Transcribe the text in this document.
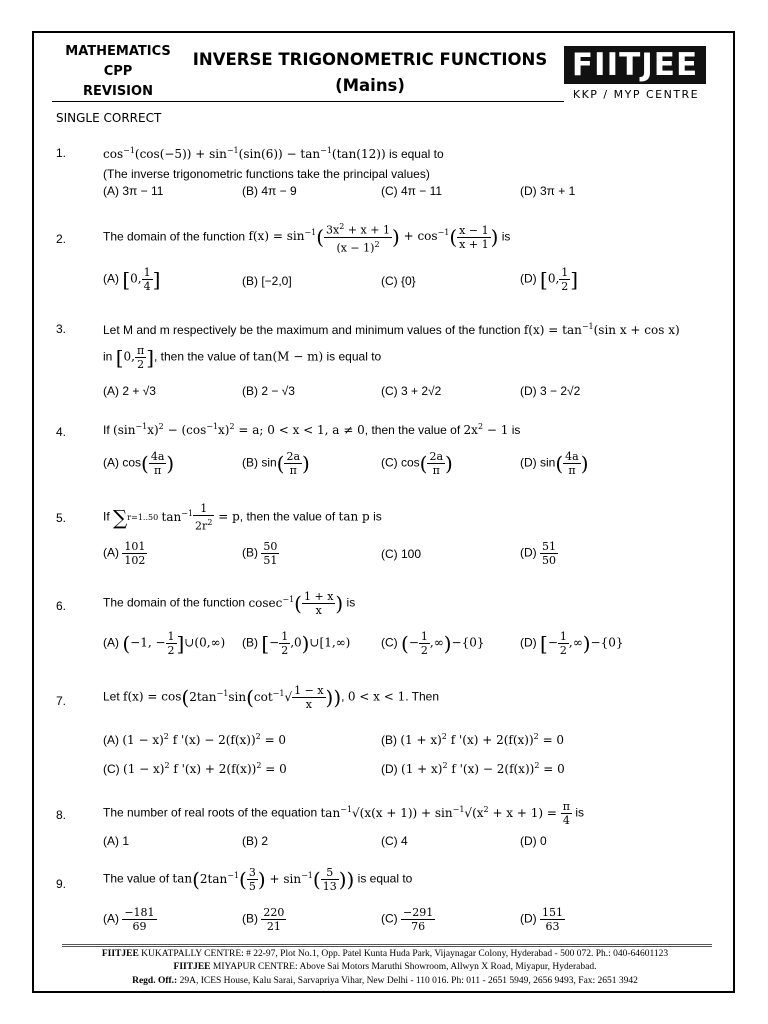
MATHEMATICS
CPP
REVISION
INVERSE TRIGONOMETRIC FUNCTIONS
(Mains)
FIITJEE
KKP / MYP CENTRE
SINGLE CORRECT
1.	$\cos^{-1}(\cos(-5)) + \sin^{-1}(\sin(6)) - \tan^{-1}(\tan(12))$ is equal to
(The inverse trigonometric functions take the principal values)
(A) 3π − 11	(B) 4π − 9	(C) 4π − 11	(D) 3π + 1
2.	The domain of the function $f(x) = \sin^{-1}( \frac{3x^2 + x + 1}{(x - 1)^2}$ ) + $\cos^{-1}( \frac{x - 1}{x + 1}$ ) is
(A) [0, $\frac{1}{4}$ ]	(B) [−2,0]	(C) {0}	(D) [0, $\frac{1}{2}$ ]
3.	Let M and m respectively be the maximum and minimum values of the function $f(x) = \tan^{-1}(\sin$ x + cos x)
in [0, $\frac{\pi}{2}$ ], then the value of tan(M − m) is equal to
(A) 2 + √3	(B) 2 − √3	(C) 3 + 2√2	(D) 3 − 2√2
4.	If $(\sin^{-1}x)^2 - (\cos^{-1}x)^2 = a$; 0 < x < 1, a ≠ 0, then the value of $2x^2 - 1$ is
(A) $\cos( \frac{4a}{\pi}$ )	(B) $\sin( \frac{2a}{\pi}$ )	(C) $\cos( \frac{2a}{\pi}$ )	(D) $\sin( \frac{4a}{\pi}$ )
5.	If ∑r=1..50 $\tan^{-1} \frac{1}{2r^2} = p$, then the value of tan p is
$(A) \frac{101}{102}$	$(B) \frac{50}{51}$	(C) 100	$(D) \frac{51}{50}$
6.	The domain of the function $cosec^{-1}( \frac{1 + x}{x}$ ) is
(A) (−1, − $\frac{1}{2}$ ]∪(0,∞) (B) [− $\frac{1}{2}$ ,0)∪[1,∞)	(C) (− $\frac{1}{2} ,\infty)-\{0\}$	(D) [− $\frac{1}{2} ,\infty)-\{0\}$
7.	Let $f(x) = \cos(2\tan^{-1}\sin(\cot^{-1}√ \frac{1 - x}{x}$ )), 0 < x < 1. Then
(A) $(1 - x)^2$ f '$(x) - 2(f(x))^2 = 0$	(B) $(1 + x)^2$ f '$(x) + 2(f(x))^2 = 0$
(C) $(1 - x)^2$ f '$(x) + 2(f(x))^2 = 0$	(D) $(1 + x)^2$ f '$(x) - 2(f(x))^2 = 0$
8.	The number of real roots of the equation $\tan^{-1}√(x(x + 1)) + \sin^{-1}√(x^2 + x + 1) = \frac{\pi}{4}$ is
(A) 1	(B) 2	(C) 4	(D) 0
9.	The value of $\tan(2\tan^{-1}( \frac{3}{5}$ ) + $\sin^{-1}( \frac{5}{13}$ )) is equal to
$(A) \frac{-181}{69}$	$(B) \frac{220}{21}$	$(C) \frac{-291}{76}$	$(D) \frac{151}{63}$
FIITJEE KUKATPALLY CENTRE: # 22-97, Plot No.1, Opp. Patel Kunta Huda Park, Vijaynagar Colony, Hyderabad - 500 072. Ph.: 040-64601123
FIITJEE MIYAPUR CENTRE: Above Sai Motors Maruthi Showroom, Allwyn X Road, Miyapur, Hyderabad.
Regd. Off.: 29A, ICES House, Kalu Sarai, Sarvapriya Vihar, New Delhi - 110 016. Ph: 011 - 2651 5949, 2656 9493, Fax: 2651 3942
